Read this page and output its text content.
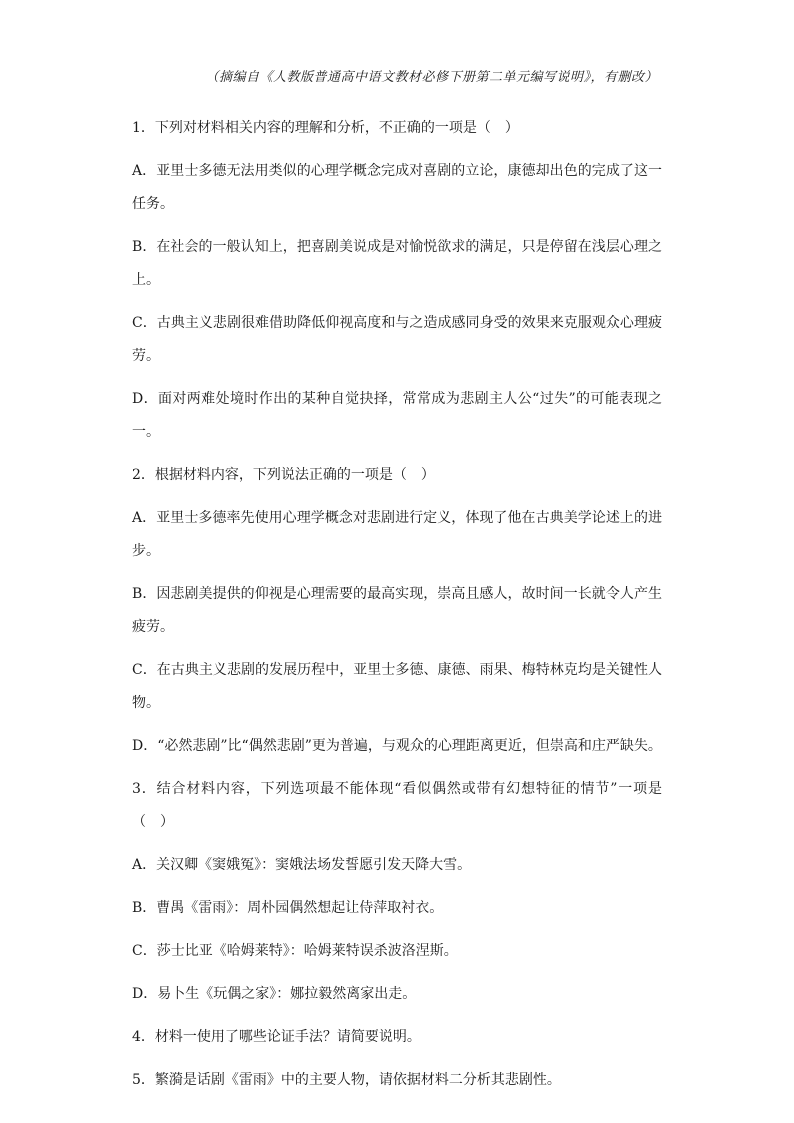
（摘编自《人教版普通高中语文教材必修下册第二单元编写说明》，有删改）

1．下列对材料相关内容的理解和分析，不正确的一项是（　）

A．亚里士多德无法用类似的心理学概念完成对喜剧的立论，康德却出色的完成了这一任务。

B．在社会的一般认知上，把喜剧美说成是对愉悦欲求的满足，只是停留在浅层心理之上。

C．古典主义悲剧很难借助降低仰视高度和与之造成感同身受的效果来克服观众心理疲劳。

D．面对两难处境时作出的某种自觉抉择，常常成为悲剧主人公“过失”的可能表现之一。

2．根据材料内容，下列说法正确的一项是（　）

A．亚里士多德率先使用心理学概念对悲剧进行定义，体现了他在古典美学论述上的进步。

B．因悲剧美提供的仰视是心理需要的最高实现，崇高且感人，故时间一长就令人产生疲劳。

C．在古典主义悲剧的发展历程中，亚里士多德、康德、雨果、梅特林克均是关键性人物。

D．“必然悲剧”比“偶然悲剧”更为普遍，与观众的心理距离更近，但崇高和庄严缺失。

3．结合材料内容，下列选项最不能体现“看似偶然或带有幻想特征的情节”一项是（　）

A．关汉卿《窦娥冤》：窦娥法场发誓愿引发天降大雪。

B．曹禺《雷雨》：周朴园偶然想起让侍萍取衬衣。

C．莎士比亚《哈姆莱特》：哈姆莱特误杀波洛涅斯。

D．易卜生《玩偶之家》：娜拉毅然离家出走。

4．材料一使用了哪些论证手法？请简要说明。

5．繁漪是话剧《雷雨》中的主要人物，请依据材料二分析其悲剧性。
